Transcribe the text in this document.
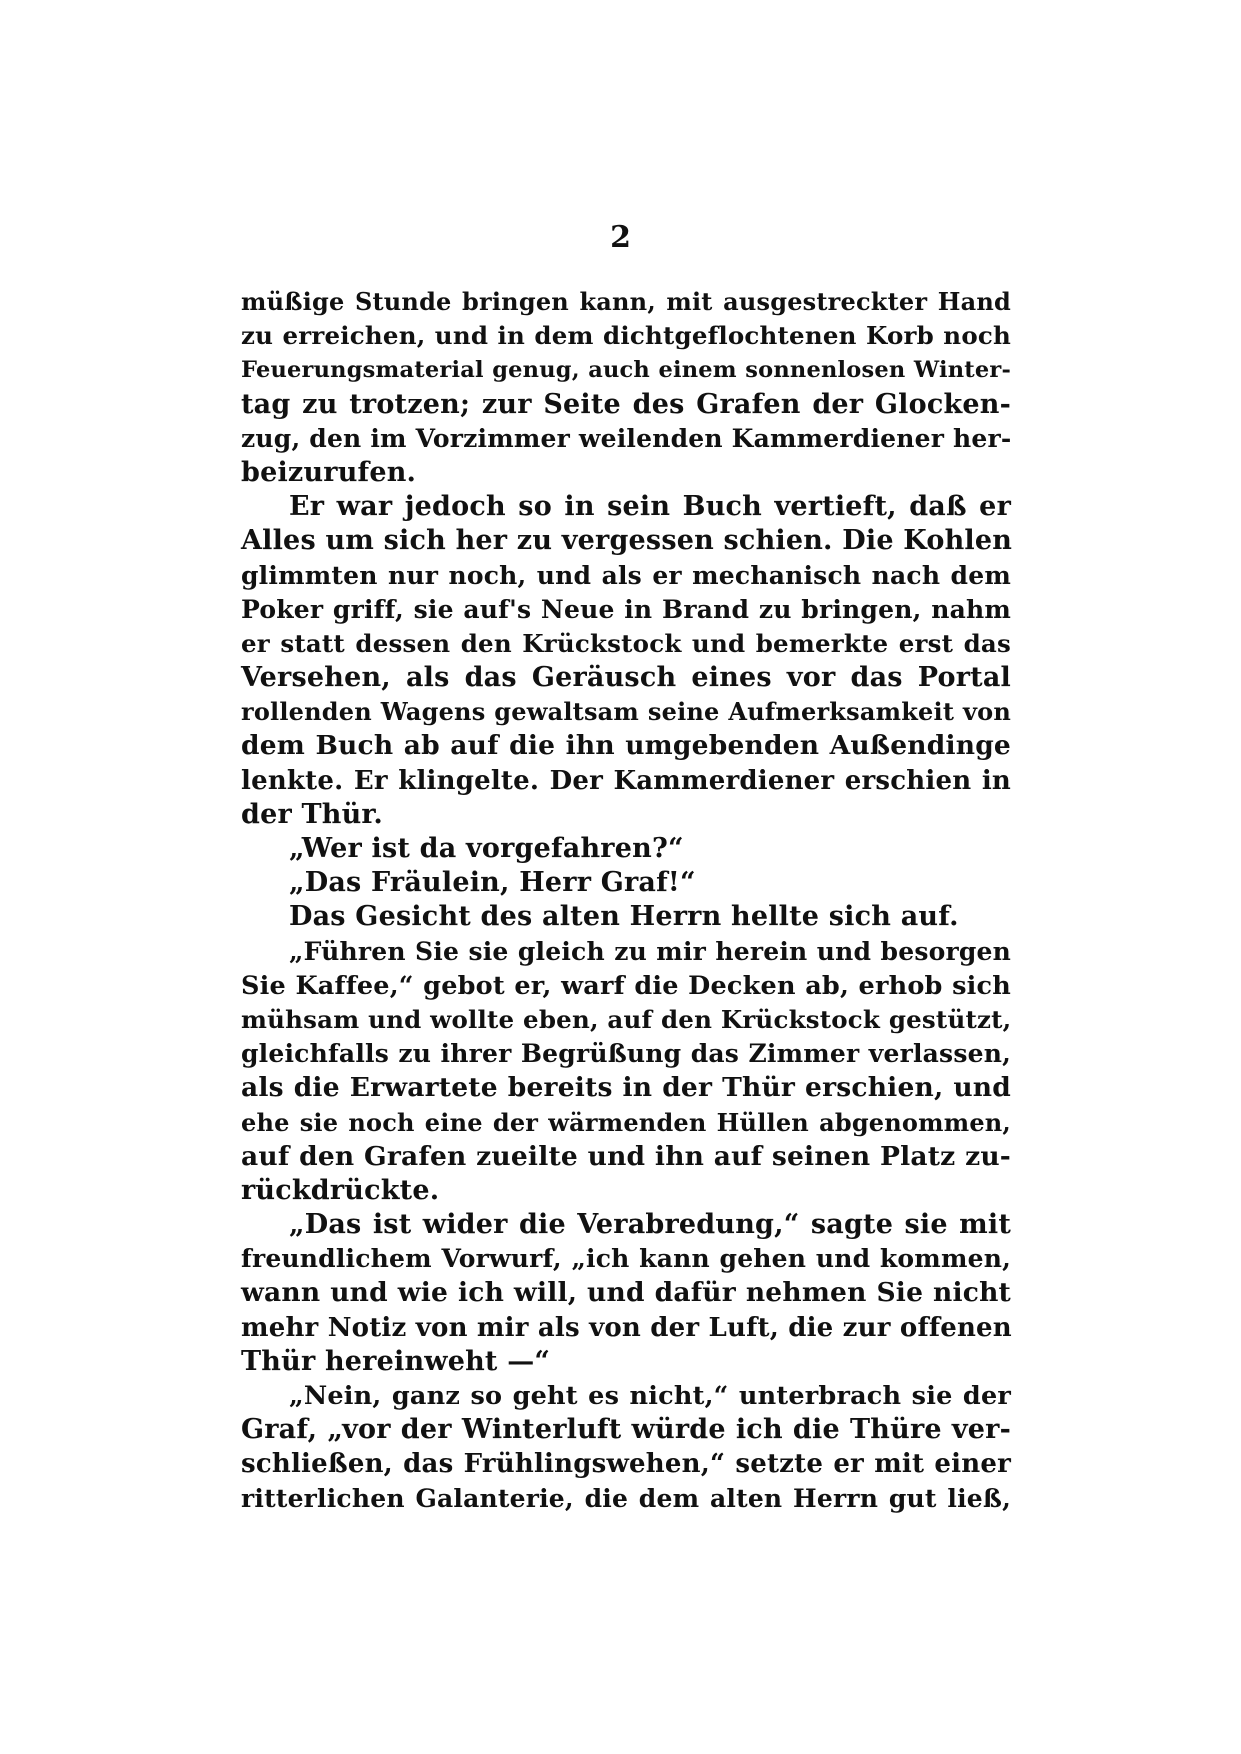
2
müßige Stunde bringen kann, mit ausgestreckter Hand
zu erreichen, und in dem dichtgeflochtenen Korb noch
Feuerungsmaterial genug, auch einem sonnenlosen Winter-
tag zu trotzen; zur Seite des Grafen der Glocken-
zug, den im Vorzimmer weilenden Kammerdiener her-
beizurufen.
Er war jedoch so in sein Buch vertieft, daß er
Alles um sich her zu vergessen schien. Die Kohlen
glimmten nur noch, und als er mechanisch nach dem
Poker griff, sie auf's Neue in Brand zu bringen, nahm
er statt dessen den Krückstock und bemerkte erst das
Versehen, als das Geräusch eines vor das Portal
rollenden Wagens gewaltsam seine Aufmerksamkeit von
dem Buch ab auf die ihn umgebenden Außendinge
lenkte. Er klingelte. Der Kammerdiener erschien in
der Thür.
„Wer ist da vorgefahren?“
„Das Fräulein, Herr Graf!“
Das Gesicht des alten Herrn hellte sich auf.
„Führen Sie sie gleich zu mir herein und besorgen
Sie Kaffee,“ gebot er, warf die Decken ab, erhob sich
mühsam und wollte eben, auf den Krückstock gestützt,
gleichfalls zu ihrer Begrüßung das Zimmer verlassen,
als die Erwartete bereits in der Thür erschien, und
ehe sie noch eine der wärmenden Hüllen abgenommen,
auf den Grafen zueilte und ihn auf seinen Platz zu-
rückdrückte.
„Das ist wider die Verabredung,“ sagte sie mit
freundlichem Vorwurf, „ich kann gehen und kommen,
wann und wie ich will, und dafür nehmen Sie nicht
mehr Notiz von mir als von der Luft, die zur offenen
Thür hereinweht —“
„Nein, ganz so geht es nicht,“ unterbrach sie der
Graf, „vor der Winterluft würde ich die Thüre ver-
schließen, das Frühlingswehen,“ setzte er mit einer
ritterlichen Galanterie, die dem alten Herrn gut ließ,
